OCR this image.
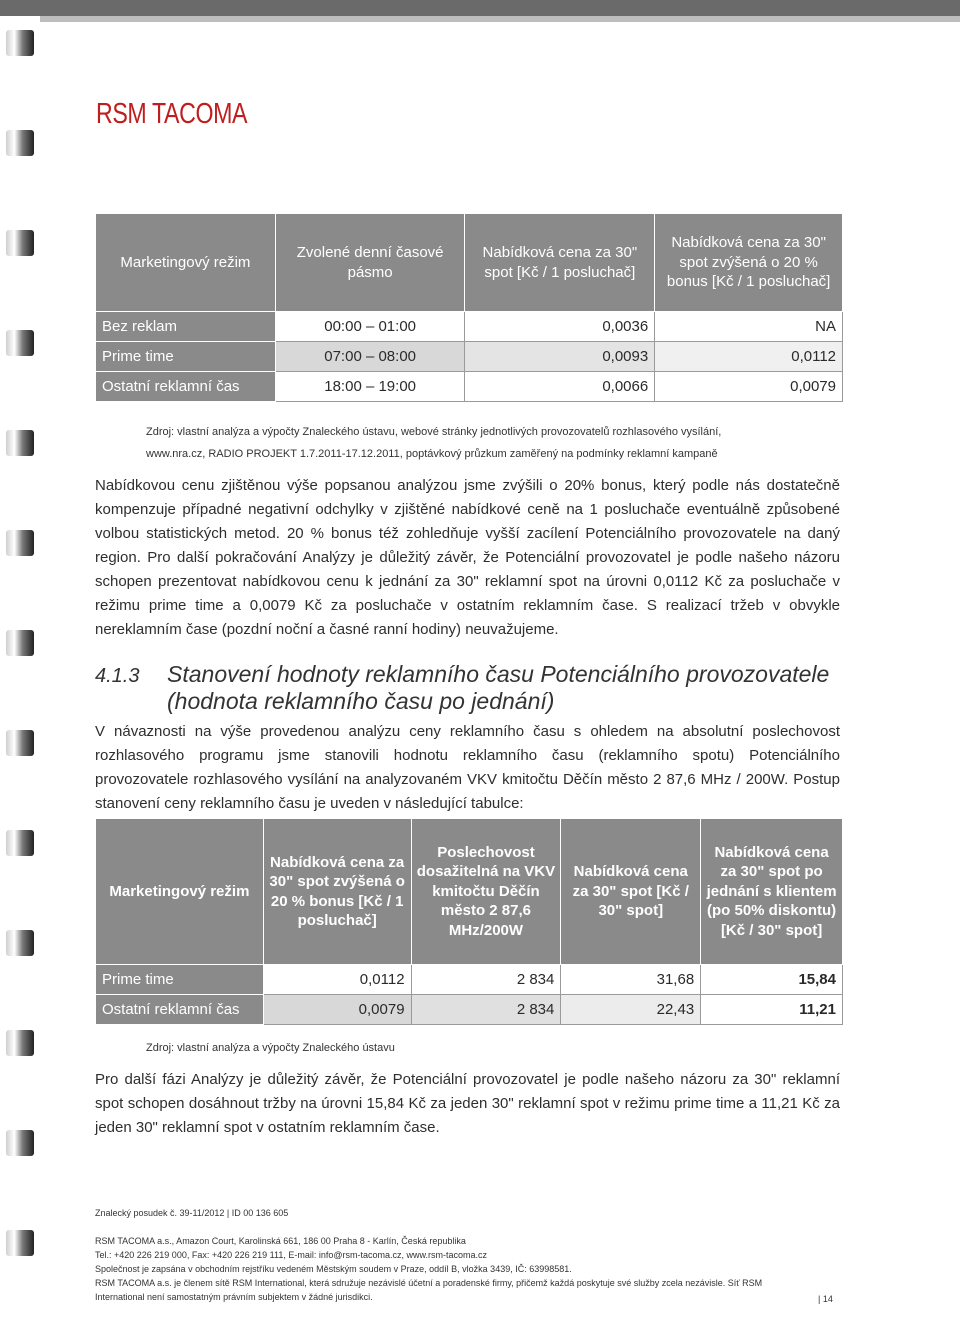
RSM TACOMA
Marketingový režim	Zvolené denní časové pásmo	Nabídková cena za 30" spot [Kč / 1 posluchač]	Nabídková cena za 30" spot zvýšená o 20 % bonus [Kč / 1 posluchač]
Bez reklam	00:00 – 01:00	0,0036	NA
Prime time	07:00 – 08:00	0,0093	0,0112
Ostatní reklamní čas	18:00 – 19:00	0,0066	0,0079
Zdroj: vlastní analýza a výpočty Znaleckého ústavu, webové stránky jednotlivých provozovatelů rozhlasového vysílání,
www.nra.cz, RADIO PROJEKT 1.7.2011-17.12.2011, poptávkový průzkum zaměřený na podmínky reklamní kampaně
Nabídkovou cenu zjištěnou výše popsanou analýzou jsme zvýšili o 20% bonus, který podle nás dostatečně kompenzuje případné negativní odchylky v zjištěné nabídkové ceně na 1 posluchače eventuálně způsobené volbou statistických metod. 20 % bonus též zohledňuje vyšší zacílení Potenciálního provozovatele na daný region. Pro další pokračování Analýzy je důležitý závěr, že Potenciální provozovatel je podle našeho názoru schopen prezentovat nabídkovou cenu k jednání za 30" reklamní spot na úrovni 0,0112 Kč za posluchače v režimu prime time a 0,0079 Kč za posluchače v ostatním reklamním čase. S realizací tržeb v obvykle nereklamním čase (pozdní noční a časné ranní hodiny) neuvažujeme.
4.1.3 Stanovení hodnoty reklamního času Potenciálního provozovatele
(hodnota reklamního času po jednání)
V návaznosti na výše provedenou analýzu ceny reklamního času s ohledem na absolutní poslechovost rozhlasového programu jsme stanovili hodnotu reklamního času (reklamního spotu) Potenciálního provozovatele rozhlasového vysílání na analyzovaném VKV kmitočtu Děčín město 2 87,6 MHz / 200W. Postup stanovení ceny reklamního času je uveden v následující tabulce:
Marketingový režim	Nabídková cena za 30" spot zvýšená o 20 % bonus [Kč / 1 posluchač]	Poslechovost dosažitelná na VKV kmitočtu Děčín město 2 87,6 MHz/200W	Nabídková cena za 30" spot [Kč / 30" spot]	Nabídková cena za 30" spot po jednání s klientem (po 50% diskontu) [Kč / 30" spot]
Prime time	0,0112	2 834	31,68	15,84
Ostatní reklamní čas	0,0079	2 834	22,43	11,21
Zdroj: vlastní analýza a výpočty Znaleckého ústavu
Pro další fázi Analýzy je důležitý závěr, že Potenciální provozovatel je podle našeho názoru za 30" reklamní spot schopen dosáhnout tržby na úrovni 15,84 Kč za jeden 30" reklamní spot v režimu prime time a 11,21 Kč za jeden 30" reklamní spot v ostatním reklamním čase.
Znalecký posudek č. 39-11/2012 | ID 00 136 605
RSM TACOMA a.s., Amazon Court, Karolinská 661, 186 00 Praha 8 - Karlín, Česká republika
Tel.: +420 226 219 000, Fax: +420 226 219 111, E-mail: info@rsm-tacoma.cz, www.rsm-tacoma.cz
Společnost je zapsána v obchodním rejstříku vedeném Městským soudem v Praze, oddíl B, vložka 3439, IČ: 63998581.
RSM TACOMA a.s. je členem sítě RSM International, která sdružuje nezávislé účetní a poradenské firmy, přičemž každá poskytuje své služby zcela nezávisle. Síť RSM
International není samostatným právním subjektem v žádné jurisdikci.	| 14
